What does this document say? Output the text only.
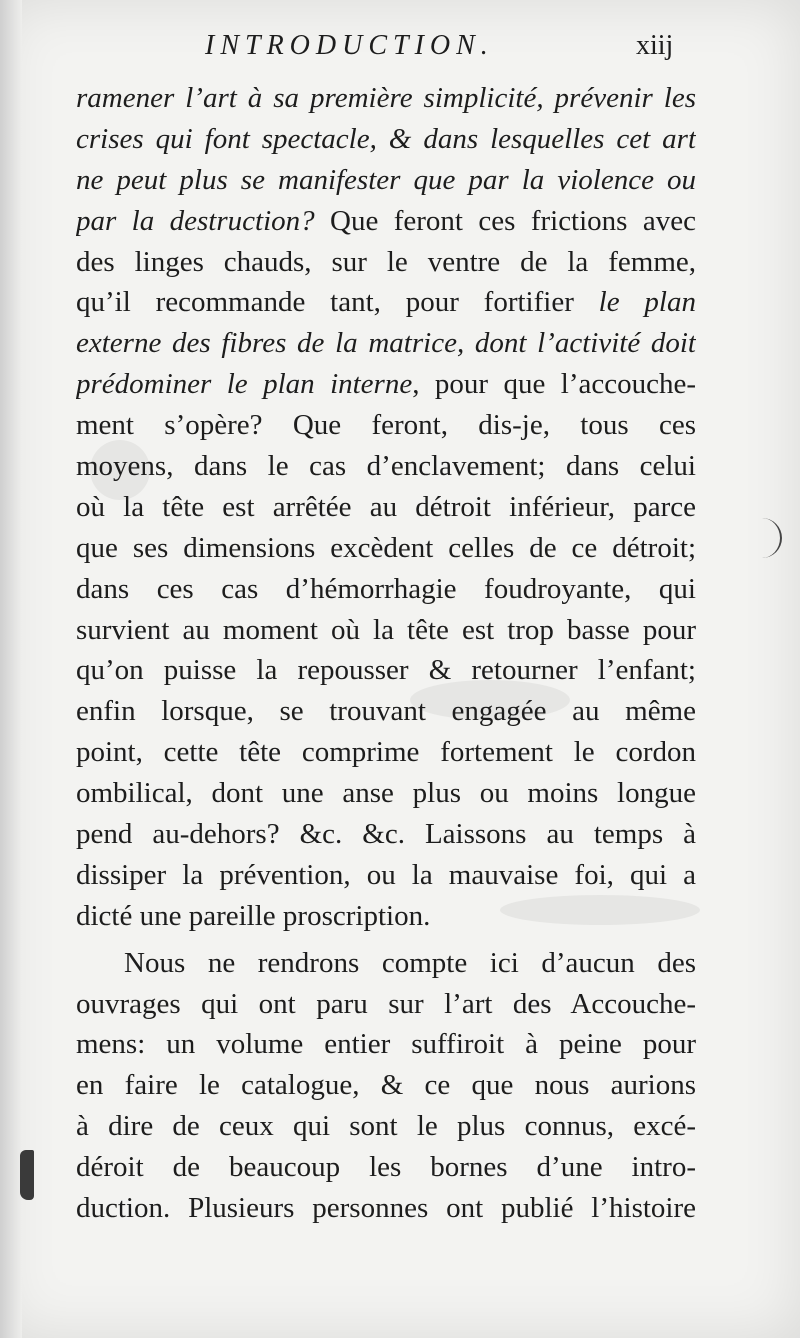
INTRODUCTION.	xiij
ramener l’art à sa première simplicité, prévenir les
crises qui font spectacle, & dans lesquelles cet art
ne peut plus se manifester que par la violence ou
par la destruction? Que feront ces frictions avec
des linges chauds, sur le ventre de la femme,
qu’il recommande tant, pour fortifier le plan
externe des fibres de la matrice, dont l’activité doit
prédominer le plan interne, pour que l’accouche-
ment s’opère? Que feront, dis-je, tous ces
moyens, dans le cas d’enclavement; dans celui
où la tête est arrêtée au détroit inférieur, parce
que ses dimensions excèdent celles de ce détroit;
dans ces cas d’hémorrhagie foudroyante, qui
survient au moment où la tête est trop basse pour
qu’on puisse la repousser & retourner l’enfant;
enfin lorsque, se trouvant engagée au même
point, cette tête comprime fortement le cordon
ombilical, dont une anse plus ou moins longue
pend au-dehors? &c. &c. Laissons au temps à
dissiper la prévention, ou la mauvaise foi, qui a
dicté une pareille proscription.
Nous ne rendrons compte ici d’aucun des
ouvrages qui ont paru sur l’art des Accouche-
mens: un volume entier suffiroit à peine pour
en faire le catalogue, & ce que nous aurions
à dire de ceux qui sont le plus connus, excé-
déroit de beaucoup les bornes d’une intro-
duction. Plusieurs personnes ont publié l’histoire
